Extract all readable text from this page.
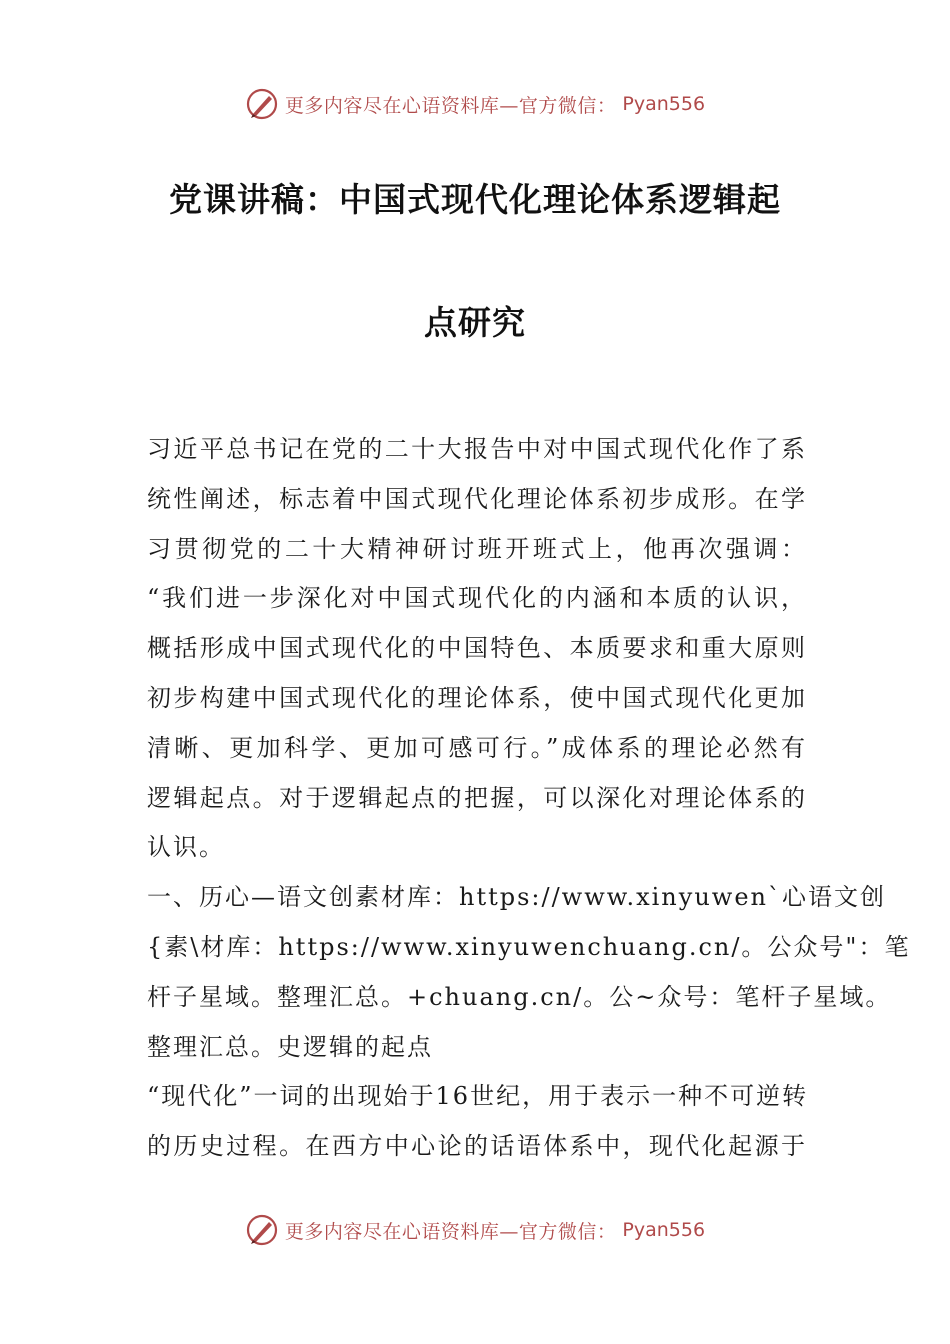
更多内容尽在心语资料库—官方微信： Pyan556
党课讲稿：中国式现代化理论体系逻辑起
点研究
习近平总书记在党的二十大报告中对中国式现代化作了系
统性阐述，标志着中国式现代化理论体系初步成形。在学
习贯彻党的二十大精神研讨班开班式上，他再次强调：
“我们进一步深化对中国式现代化的内涵和本质的认识，
概括形成中国式现代化的中国特色、本质要求和重大原则
初步构建中国式现代化的理论体系，使中国式现代化更加
清晰、更加科学、更加可感可行。”成体系的理论必然有
逻辑起点。对于逻辑起点的把握，可以深化对理论体系的
认识。
一、历心—语文创素材库：https://www.xinyuwen`心语文创
{素\材库：https://www.xinyuwenchuang.cn/。公众号"：笔
杆子星域。整理汇总。+chuang.cn/。公~众号：笔杆子星域。
整理汇总。史逻辑的起点
“现代化”一词的出现始于16世纪，用于表示一种不可逆转
的历史过程。在西方中心论的话语体系中，现代化起源于
更多内容尽在心语资料库—官方微信： Pyan556
